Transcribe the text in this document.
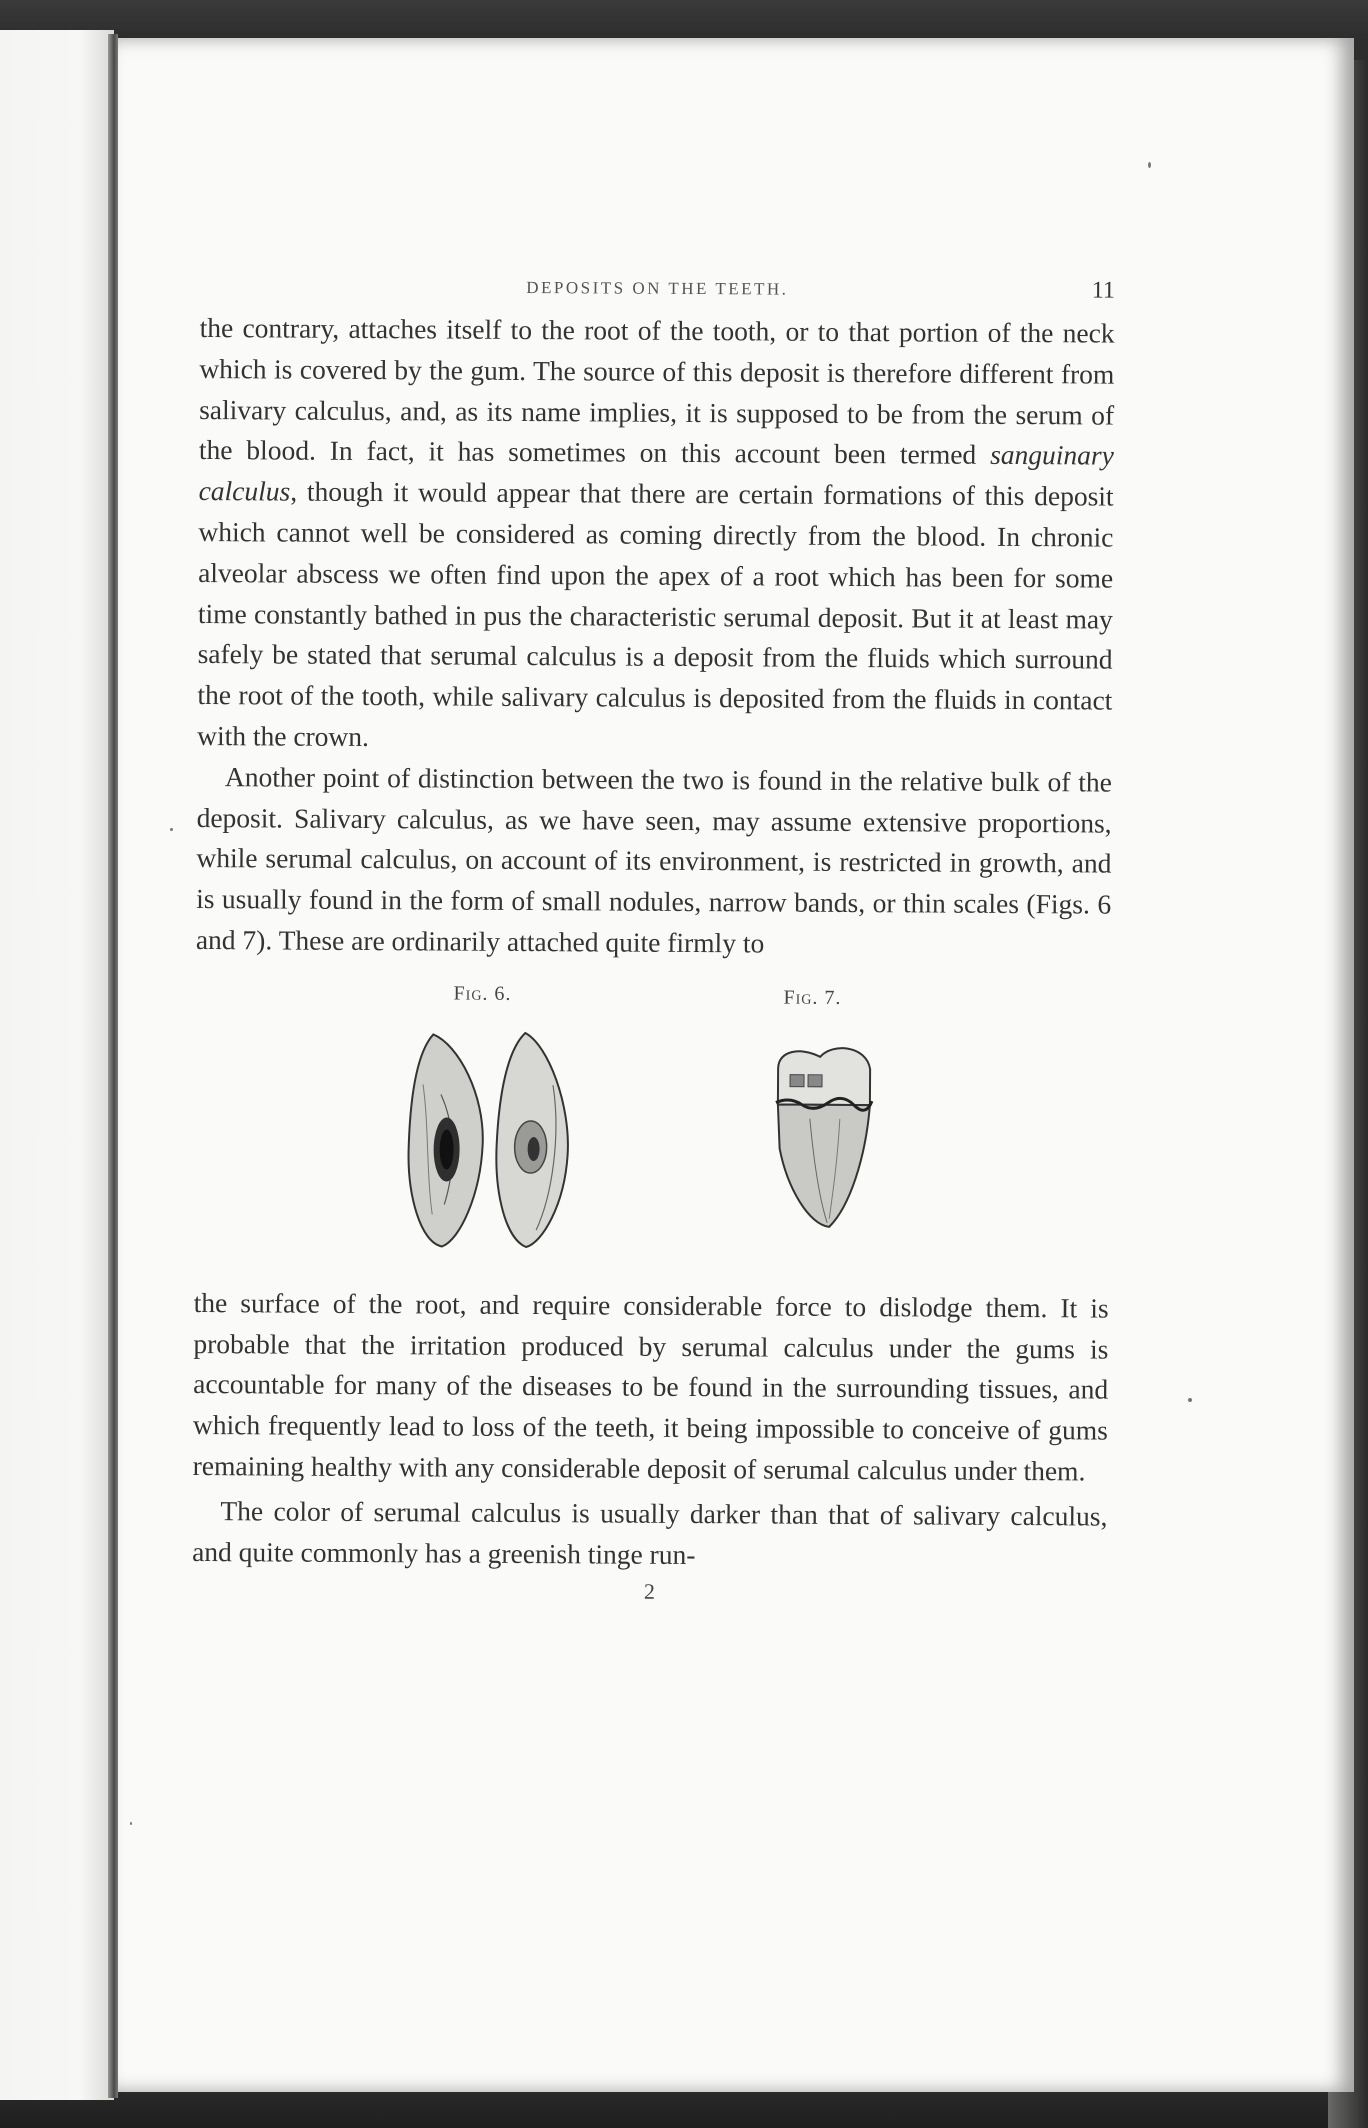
DEPOSITS ON THE TEETH.	11

the contrary, attaches itself to the root of the tooth, or to that portion of the neck which is covered by the gum. The source of this deposit is therefore different from salivary calculus, and, as its name implies, it is supposed to be from the serum of the blood. In fact, it has sometimes on this account been termed sanguinary calculus, though it would appear that there are certain formations of this deposit which cannot well be considered as coming directly from the blood. In chronic alveolar abscess we often find upon the apex of a root which has been for some time constantly bathed in pus the characteristic serumal deposit. But it at least may safely be stated that serumal calculus is a deposit from the fluids which surround the root of the tooth, while salivary calculus is deposited from the fluids in contact with the crown.

Another point of distinction between the two is found in the relative bulk of the deposit. Salivary calculus, as we have seen, may assume extensive proportions, while serumal calculus, on account of its environment, is restricted in growth, and is usually found in the form of small nodules, narrow bands, or thin scales (Figs. 6 and 7). These are ordinarily attached quite firmly to

Fig. 6.	Fig. 7.

the surface of the root, and require considerable force to dislodge them. It is probable that the irritation produced by serumal calculus under the gums is accountable for many of the diseases to be found in the surrounding tissues, and which frequently lead to loss of the teeth, it being impossible to conceive of gums remaining healthy with any considerable deposit of serumal calculus under them.

The color of serumal calculus is usually darker than that of salivary calculus, and quite commonly has a greenish tinge run-

2
